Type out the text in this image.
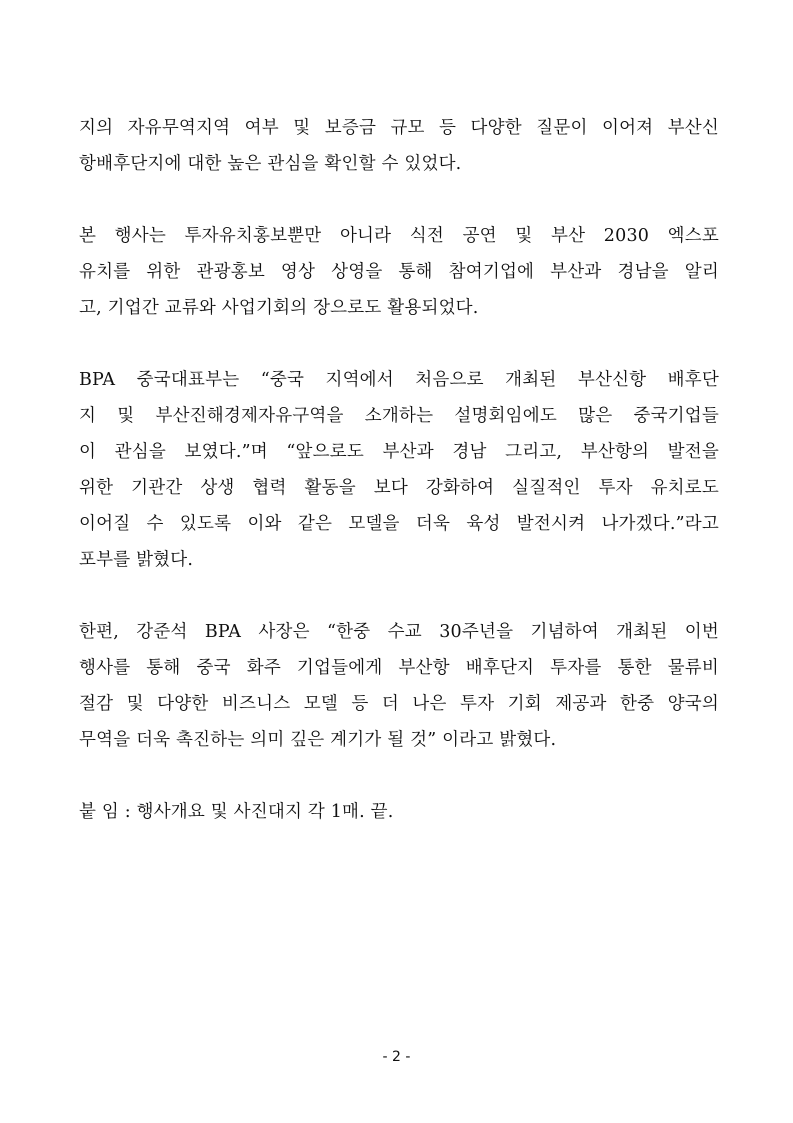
지의 자유무역지역 여부 및 보증금 규모 등 다양한 질문이 이어져 부산신
항배후단지에 대한 높은 관심을 확인할 수 있었다.
본 행사는 투자유치홍보뿐만 아니라 식전 공연 및 부산 2030 엑스포
유치를 위한 관광홍보 영상 상영을 통해 참여기업에 부산과 경남을 알리
고, 기업간 교류와 사업기회의 장으로도 활용되었다.
BPA 중국대표부는 “중국 지역에서 처음으로 개최된 부산신항 배후단
지 및 부산진해경제자유구역을 소개하는 설명회임에도 많은 중국기업들
이 관심을 보였다.”며 “앞으로도 부산과 경남 그리고, 부산항의 발전을
위한 기관간 상생 협력 활동을 보다 강화하여 실질적인 투자 유치로도
이어질 수 있도록 이와 같은 모델을 더욱 육성 발전시켜 나가겠다.”라고
포부를 밝혔다.
한편, 강준석 BPA 사장은 “한중 수교 30주년을 기념하여 개최된 이번
행사를 통해 중국 화주 기업들에게 부산항 배후단지 투자를 통한 물류비
절감 및 다양한 비즈니스 모델 등 더 나은 투자 기회 제공과 한중 양국의
무역을 더욱 촉진하는 의미 깊은 계기가 될 것” 이라고 밝혔다.
붙 임 : 행사개요 및 사진대지 각 1매. 끝.
- 2 -
